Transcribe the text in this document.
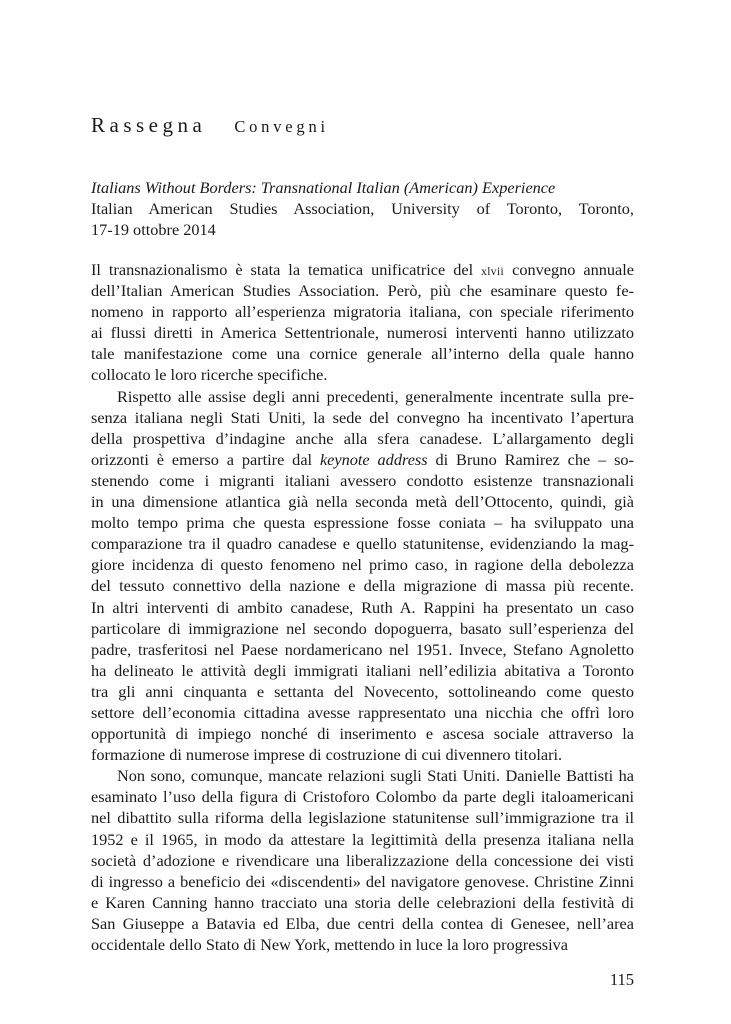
Rassegna Convegni
Italians Without Borders: Transnational Italian (American) Experience
Italian American Studies Association, University of Toronto, Toronto,
17-19 ottobre 2014
Il transnazionalismo è stata la tematica unificatrice del xlvii convegno annuale
dell’Italian American Studies Association. Però, più che esaminare questo fe-
nomeno in rapporto all’esperienza migratoria italiana, con speciale riferimento
ai flussi diretti in America Settentrionale, numerosi interventi hanno utilizzato
tale manifestazione come una cornice generale all’interno della quale hanno
collocato le loro ricerche specifiche.
Rispetto alle assise degli anni precedenti, generalmente incentrate sulla pre-
senza italiana negli Stati Uniti, la sede del convegno ha incentivato l’apertura
della prospettiva d’indagine anche alla sfera canadese. L’allargamento degli
orizzonti è emerso a partire dal keynote address di Bruno Ramirez che – so-
stenendo come i migranti italiani avessero condotto esistenze transnazionali
in una dimensione atlantica già nella seconda metà dell’Ottocento, quindi, già
molto tempo prima che questa espressione fosse coniata – ha sviluppato una
comparazione tra il quadro canadese e quello statunitense, evidenziando la mag-
giore incidenza di questo fenomeno nel primo caso, in ragione della debolezza
del tessuto connettivo della nazione e della migrazione di massa più recente.
In altri interventi di ambito canadese, Ruth A. Rappini ha presentato un caso
particolare di immigrazione nel secondo dopoguerra, basato sull’esperienza del
padre, trasferitosi nel Paese nordamericano nel 1951. Invece, Stefano Agnoletto
ha delineato le attività degli immigrati italiani nell’edilizia abitativa a Toronto
tra gli anni cinquanta e settanta del Novecento, sottolineando come questo
settore dell’economia cittadina avesse rappresentato una nicchia che offrì loro
opportunità di impiego nonché di inserimento e ascesa sociale attraverso la
formazione di numerose imprese di costruzione di cui divennero titolari.
Non sono, comunque, mancate relazioni sugli Stati Uniti. Danielle Battisti ha
esaminato l’uso della figura di Cristoforo Colombo da parte degli italoamericani
nel dibattito sulla riforma della legislazione statunitense sull’immigrazione tra il
1952 e il 1965, in modo da attestare la legittimità della presenza italiana nella
società d’adozione e rivendicare una liberalizzazione della concessione dei visti
di ingresso a beneficio dei «discendenti» del navigatore genovese. Christine Zinni
e Karen Canning hanno tracciato una storia delle celebrazioni della festività di
San Giuseppe a Batavia ed Elba, due centri della contea di Genesee, nell’area
occidentale dello Stato di New York, mettendo in luce la loro progressiva
115
